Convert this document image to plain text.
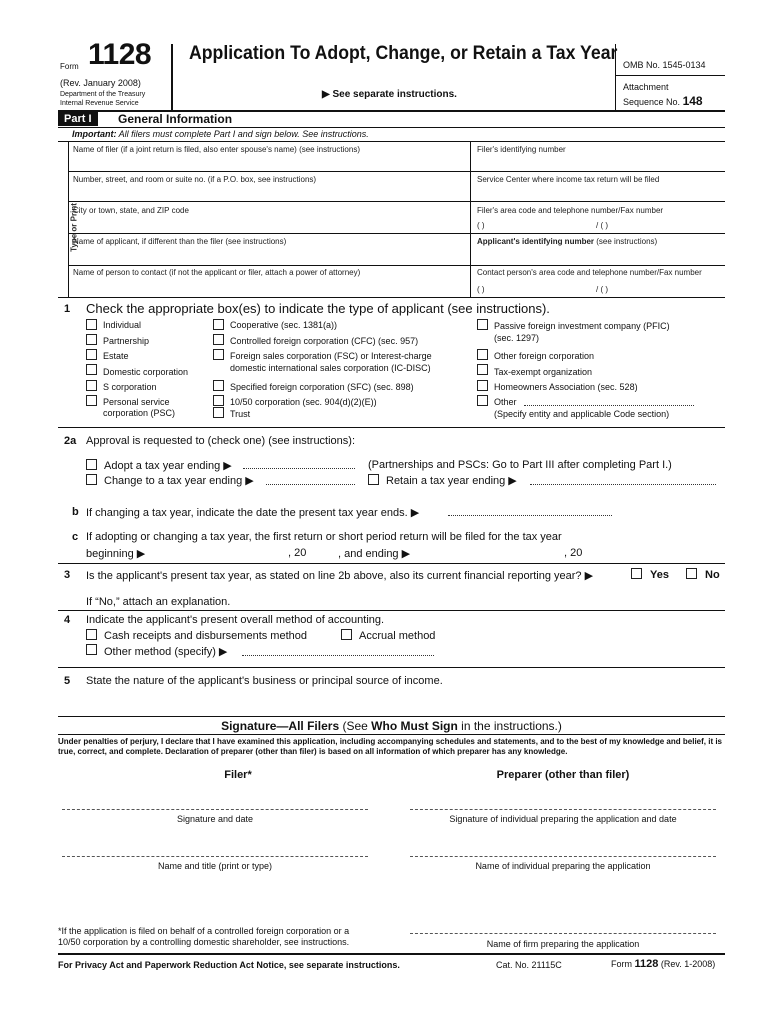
Form 1128
(Rev. January 2008)
Department of the Treasury
Internal Revenue Service
Application To Adopt, Change, or Retain a Tax Year
▶ See separate instructions.
OMB No. 1545-0134
Attachment
Sequence No. 148
Part I	General Information
Important: All filers must complete Part I and sign below. See instructions.
Type or Print
Name of filer (if a joint return is filed, also enter spouse's name) (see instructions)	Filer's identifying number
Number, street, and room or suite no. (if a P.O. box, see instructions)	Service Center where income tax return will be filed
City or town, state, and ZIP code	Filer's area code and telephone number/Fax number
( )	/ ( )
Name of applicant, if different than the filer (see instructions)	Applicant's identifying number (see instructions)
Name of person to contact (if not the applicant or filer, attach a power of attorney)	Contact person's area code and telephone number/Fax number
( )	/ ( )
1 Check the appropriate box(es) to indicate the type of applicant (see instructions).
Individual
Partnership
Estate
Domestic corporation
S corporation
Personal service
corporation (PSC)
Cooperative (sec. 1381(a))
Controlled foreign corporation (CFC) (sec. 957)
Foreign sales corporation (FSC) or Interest-charge
domestic international sales corporation (IC-DISC)
Specified foreign corporation (SFC) (sec. 898)
10/50 corporation (sec. 904(d)(2)(E))
Trust
Passive foreign investment company (PFIC)
(sec. 1297)
Other foreign corporation
Tax-exempt organization
Homeowners Association (sec. 528)
Other
(Specify entity and applicable Code section)
2a Approval is requested to (check one) (see instructions):
Adopt a tax year ending ▶	(Partnerships and PSCs: Go to Part III after completing Part I.)
Change to a tax year ending ▶	Retain a tax year ending ▶
b If changing a tax year, indicate the date the present tax year ends. ▶
c If adopting or changing a tax year, the first return or short period return will be filed for the tax year
beginning ▶	, 20	, and ending ▶	, 20
3 Is the applicant's present tax year, as stated on line 2b above, also its current financial reporting year? ▶	Yes	No
If “No,” attach an explanation.
4 Indicate the applicant's present overall method of accounting.
Cash receipts and disbursements method	Accrual method
Other method (specify) ▶
5 State the nature of the applicant's business or principal source of income.
Signature—All Filers (See Who Must Sign in the instructions.)
Under penalties of perjury, I declare that I have examined this application, including accompanying schedules and statements, and to the best of my knowledge and belief, it is true, correct, and complete. Declaration of preparer (other than filer) is based on all information of which preparer has any knowledge.
Filer*	Preparer (other than filer)
Signature and date	Signature of individual preparing the application and date
Name and title (print or type)	Name of individual preparing the application
*If the application is filed on behalf of a controlled foreign corporation or a 10/50 corporation by a controlling domestic shareholder, see instructions.	Name of firm preparing the application
For Privacy Act and Paperwork Reduction Act Notice, see separate instructions.	Cat. No. 21115C	Form 1128 (Rev. 1-2008)
